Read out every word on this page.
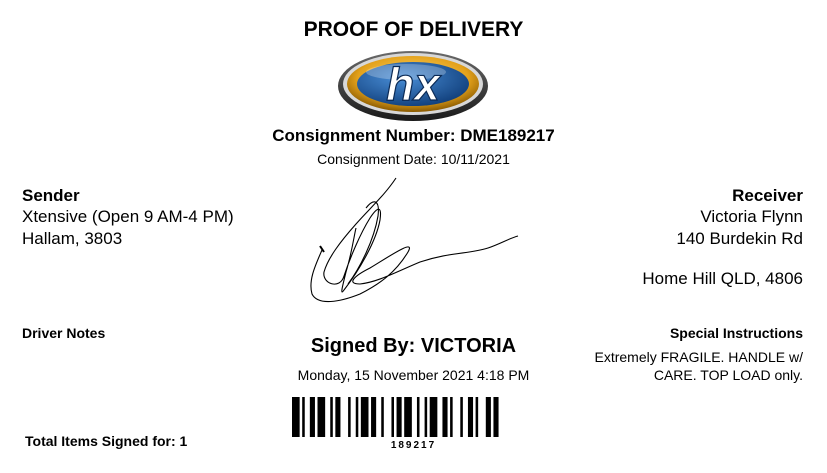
PROOF OF DELIVERY
hx
Consignment Number: DME189217
Consignment Date: 10/11/2021
Sender
Xtensive (Open 9 AM-4 PM)
Hallam, 3803
Receiver
Victoria Flynn
140 Burdekin Rd
Home Hill QLD, 4806
Driver Notes	Special Instructions
Extremely FRAGILE. HANDLE w/ CARE. TOP LOAD only.
Signed By: VICTORIA
Monday, 15 November 2021 4:18 PM
189217
Total Items Signed for: 1
